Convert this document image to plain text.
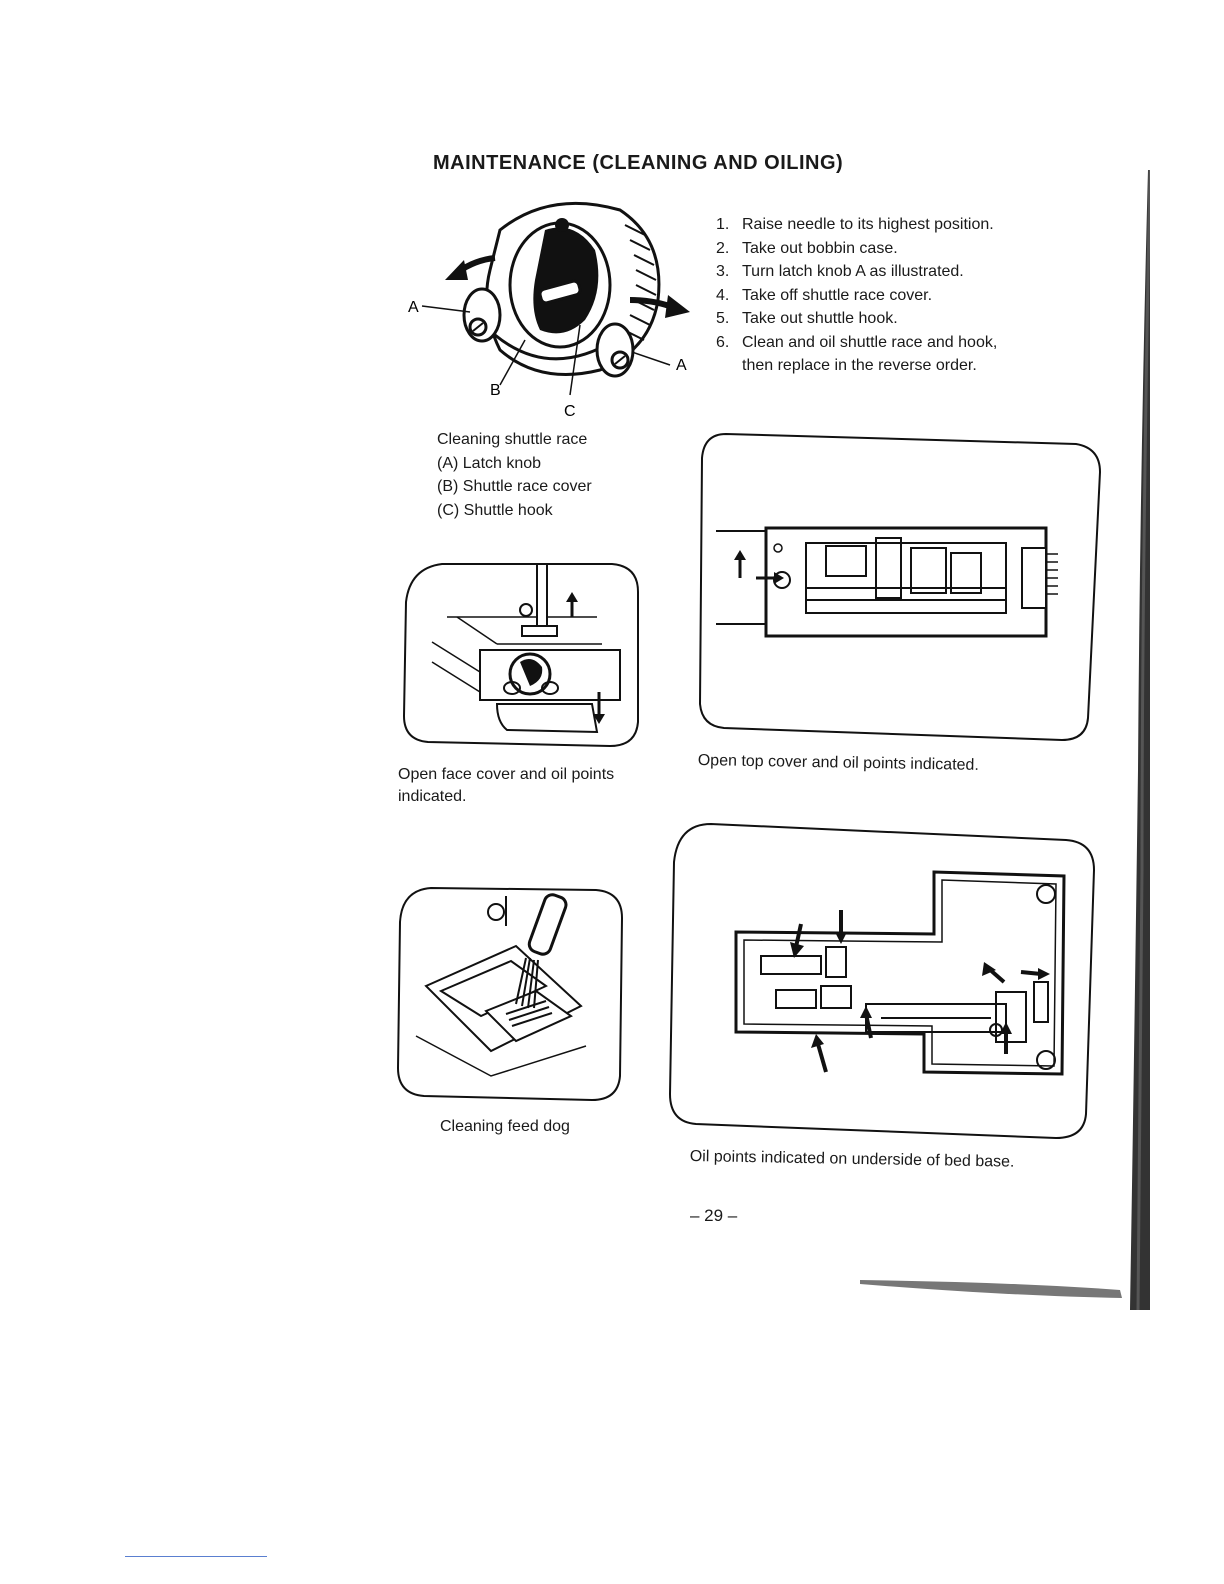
MAINTENANCE (CLEANING AND OILING)
A
A
B
C
1. Raise needle to its highest position.
2. Take out bobbin case.
3. Turn latch knob A as illustrated.
4. Take off shuttle race cover.
5. Take out shuttle hook.
6. Clean and oil shuttle race and hook,
then replace in the reverse order.
Cleaning shuttle race
(A) Latch knob
(B) Shuttle race cover
(C) Shuttle hook
Open face cover and oil points indicated.
Open top cover and oil points indicated.
Cleaning feed dog
Oil points indicated on underside of bed base.
– 29 –
